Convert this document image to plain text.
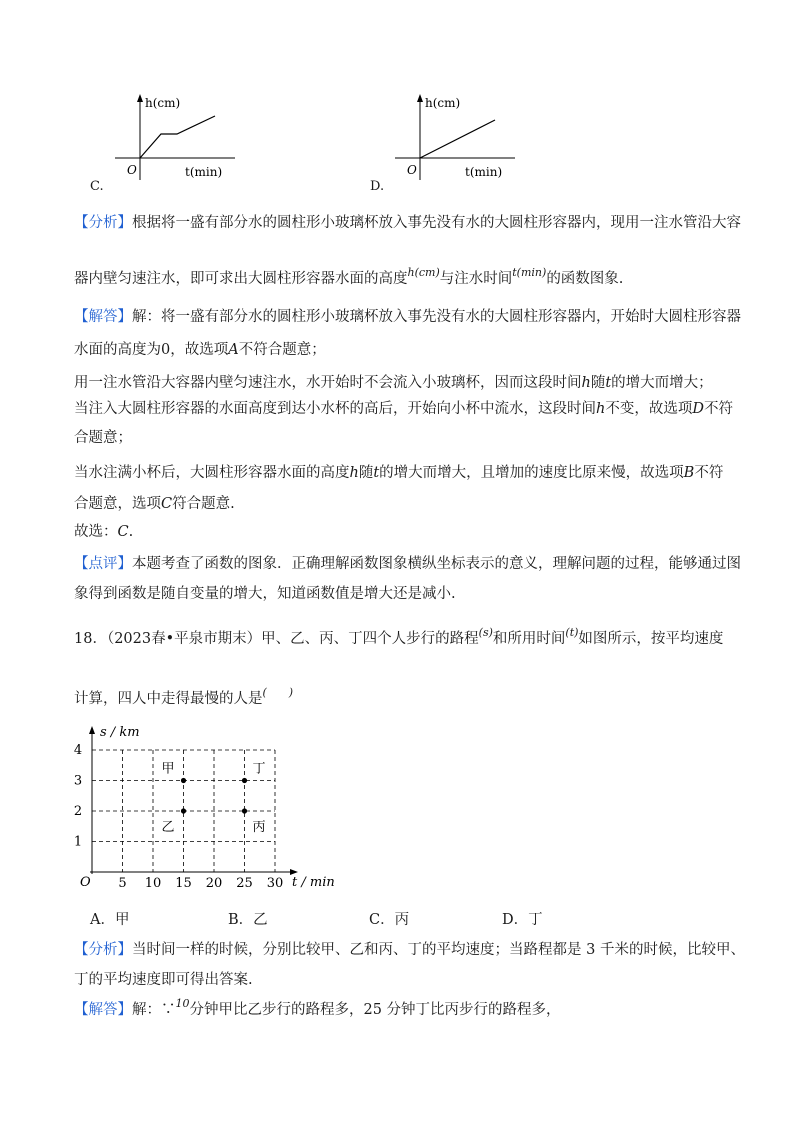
h(cm)
t(min)
O
C.
h(cm)
t(min)
O
D.
【分析】根据将一盛有部分水的圆柱形小玻璃杯放入事先没有水的大圆柱形容器内，现用一注水管沿大容
器内壁匀速注水，即可求出大圆柱形容器水面的高度$^{h(cm)}$与注水时间$^{t(min)}$的函数图象.
【解答】解：将一盛有部分水的圆柱形小玻璃杯放入事先没有水的大圆柱形容器内，开始时大圆柱形容器
水面的高度为0，故选项A不符合题意；
用一注水管沿大容器内壁匀速注水，水开始时不会流入小玻璃杯，因而这段时间h随t的增大而增大；
当注入大圆柱形容器的水面高度到达小水杯的高后，开始向小杯中流水，这段时间h不变，故选项D不符
合题意；
当水注满小杯后，大圆柱形容器水面的高度h随t的增大而增大，且增加的速度比原来慢，故选项B不符
合题意，选项C符合题意.
故选：C.
【点评】本题考查了函数的图象．正确理解函数图象横纵坐标表示的意义，理解问题的过程，能够通过图
象得到函数是随自变量的增大，知道函数值是增大还是减小.
18．（2023春•平泉市期末）甲、乙、丙、丁四个人步行的路程$^{(s)}$和所用时间$^{(t)}$如图所示，按平均速度
计算，四人中走得最慢的人是(　　)
s / km
t / min
O 5 10 15 20 25 30
1
2
3
4
甲
乙	丙
丁
A．甲	B．乙	C．丙	D．丁
【分析】当时间一样的时候，分别比较甲、乙和丙、丁的平均速度；当路程都是 3 千米的时候，比较甲、
丁的平均速度即可得出答案.
【解答】解：∵$^{10}$分钟甲比乙步行的路程多，25 分钟丁比丙步行的路程多，
